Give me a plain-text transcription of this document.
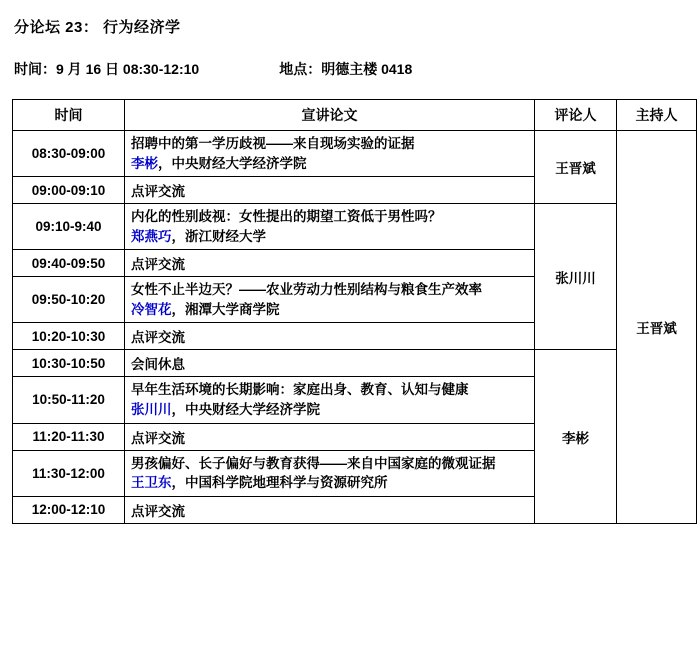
分论坛 23： 行为经济学
时间：9 月 16 日 08:30-12:10	地点：明德主楼 0418
时间	宣讲论文	评论人	主持人
08:30-09:00	招聘中的第一学历歧视——来自现场实验的证据
李彬，中央财经大学经济学院	王晋斌	王晋斌
09:00-09:10	点评交流		
09:10-9:40	内化的性别歧视：女性提出的期望工资低于男性吗？
郑燕巧，浙江财经大学	张川川	
09:40-09:50	点评交流		
09:50-10:20	女性不止半边天？——农业劳动力性别结构与粮食生产效率
冷智花，湘潭大学商学院		

10:20-10:30	点评交流		
10:30-10:50	会间休息	李彬	
10:50-11:20	早年生活环境的长期影响：家庭出身、教育、认知与健康
张川川，中央财经大学经济学院		

11:20-11:30	点评交流		
11:30-12:00	男孩偏好、长子偏好与教育获得——来自中国家庭的微观证据
王卫东，中国科学院地理科学与资源研究所		

12:00-12:10	点评交流		
